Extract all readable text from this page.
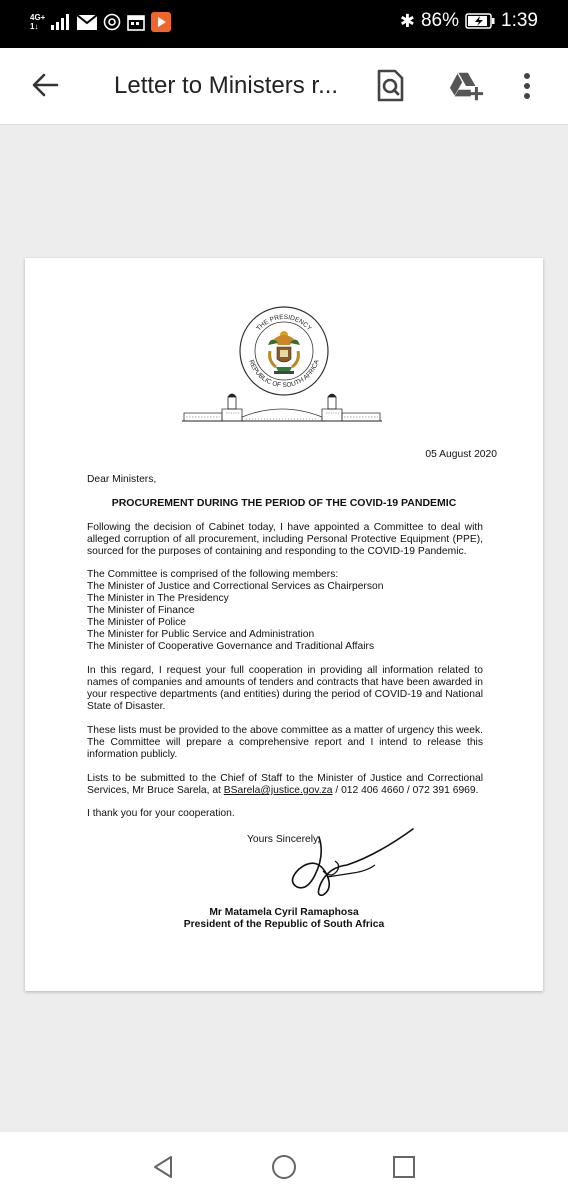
4G+
1↓	✱ 86% 1:39
Letter to Ministers r...
THE PRESIDENCY
REPUBLIC OF SOUTH AFRICA
05 August 2020
Dear Ministers,
PROCUREMENT DURING THE PERIOD OF THE COVID-19 PANDEMIC
Following the decision of Cabinet today, I have appointed a Committee to deal with alleged corruption of all procurement, including Personal Protective Equipment (PPE), sourced for the purposes of containing and responding to the COVID-19 Pandemic.
The Committee is comprised of the following members:
The Minister of Justice and Correctional Services as Chairperson
The Minister in The Presidency
The Minister of Finance
The Minister of Police
The Minister for Public Service and Administration
The Minister of Cooperative Governance and Traditional Affairs
In this regard, I request your full cooperation in providing all information related to names of companies and amounts of tenders and contracts that have been awarded in your respective departments (and entities) during the period of COVID-19 and National State of Disaster.
These lists must be provided to the above committee as a matter of urgency this week. The Committee will prepare a comprehensive report and I intend to release this information publicly.
Lists to be submitted to the Chief of Staff to the Minister of Justice and Correctional Services, Mr Bruce Sarela, at BSarela@justice.gov.za / 012 406 4660 / 072 391 6969.
I thank you for your cooperation.
Yours Sincerely,
Mr Matamela Cyril Ramaphosa
President of the Republic of South Africa
